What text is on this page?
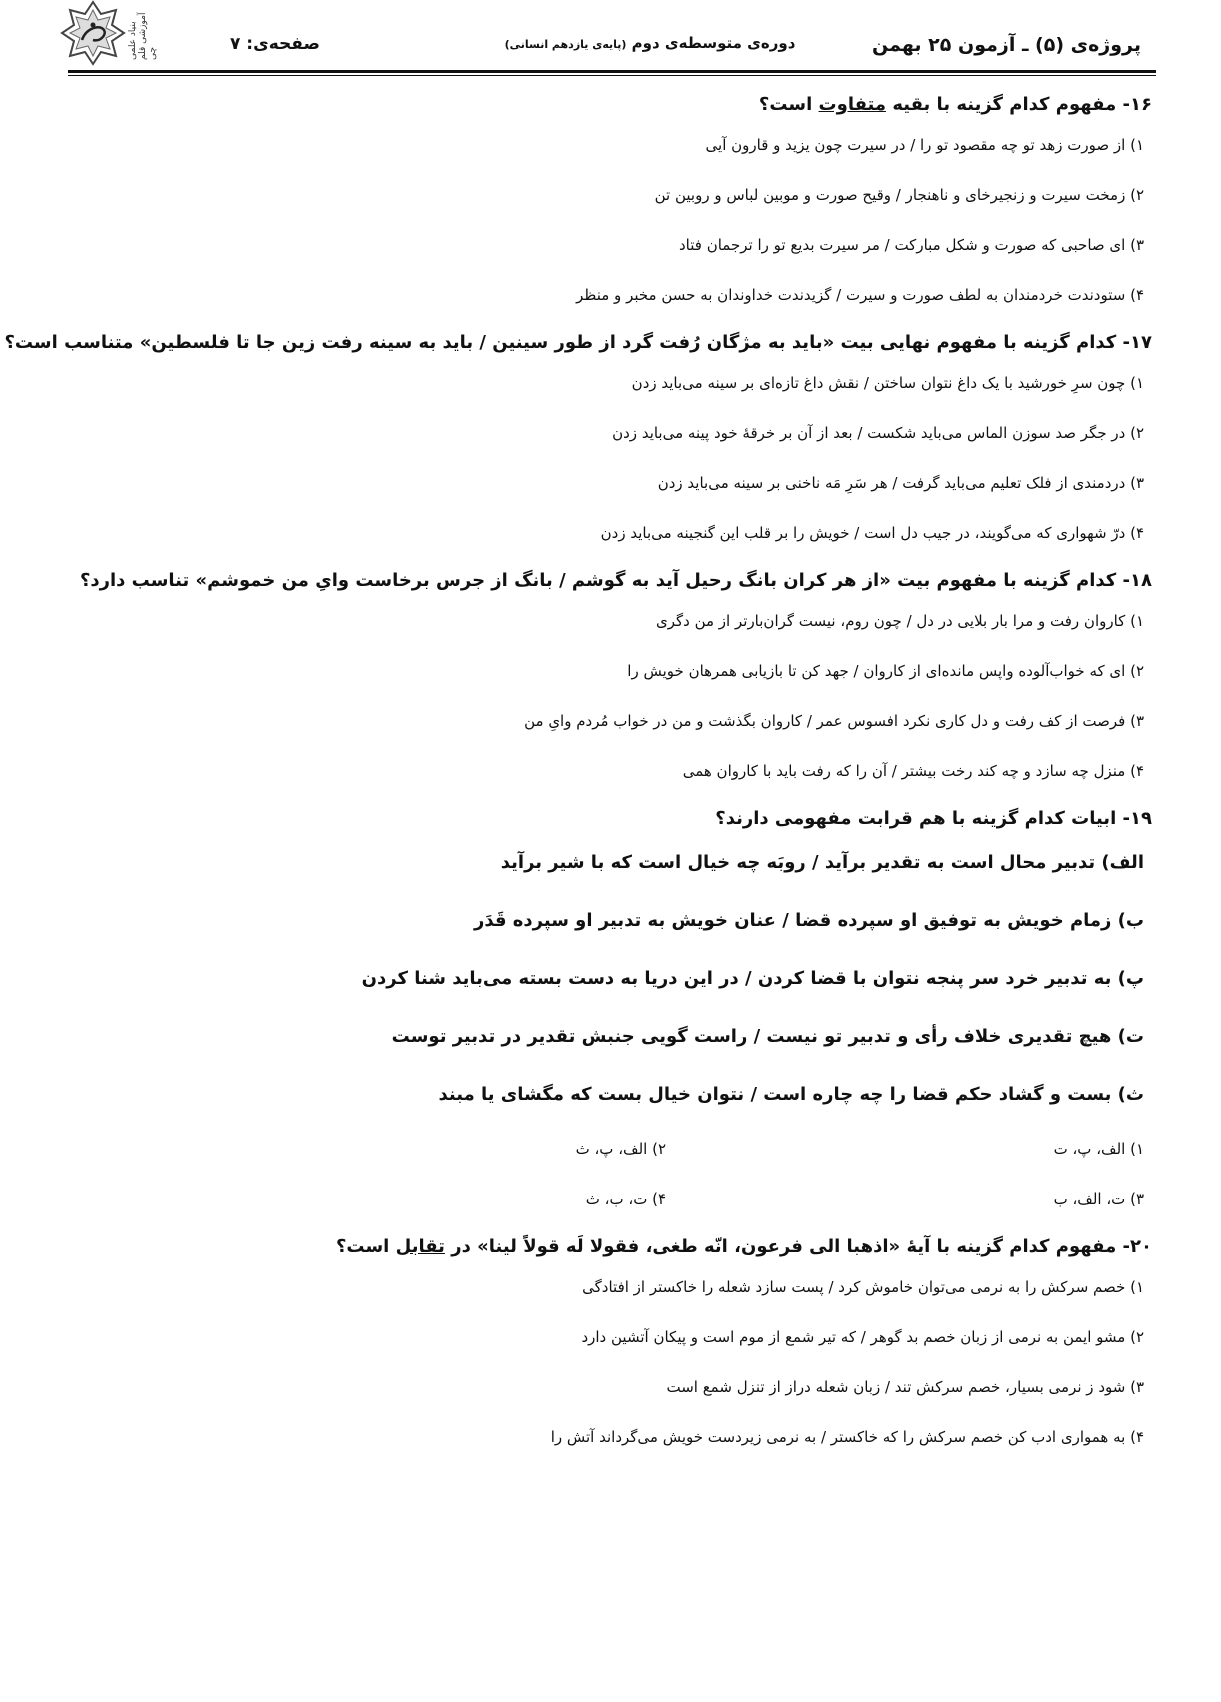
بنیاد علمی آموزشی قلم چی	پروژه‌ی (۵) ـ آزمون ۲۵ بهمن
دوره‌ی متوسطه‌ی دوم (پایه‌ی یازدهم انسانی)
صفحه‌ی: ۷
۱۶- مفهوم کدام گزینه با بقیه متفاوت است؟
۱) از صورت زهد تو چه مقصود تو را / در سیرت چون یزید و قارون آیی
۲) زمخت سیرت و زنجیرخای و ناهنجار / وقیح صورت و موبین لباس و روبین تن
۳) ای صاحبی که صورت و شکل مبارکت / مر سیرت بدیع تو را ترجمان فتاد
۴) ستودندت خردمندان به لطف صورت و سیرت / گزیدندت خداوندان به حسن مخبر و منظر
۱۷- کدام گزینه با مفهوم نهایی بیت «باید به مژگان رُفت گرد از طور سینین / باید به سینه رفت زین جا تا فلسطین» متناسب است؟
۱) چون سرِ خورشید با یک داغ نتوان ساختن / نقش داغ تازه‌ای بر سینه می‌باید زدن
۲) در جگر صد سوزن الماس می‌باید شکست / بعد از آن بر خرقهٔ خود پینه می‌باید زدن
۳) دردمندی از فلک تعلیم می‌باید گرفت / هر سَرِ مَه ناخنی بر سینه می‌باید زدن
۴) درّ شهواری که می‌گویند، در جیب دل است / خویش را بر قلب این گنجینه می‌باید زدن
۱۸- کدام گزینه با مفهوم بیت «از هر کران بانگ رحیل آید به گوشم / بانگ از جرس برخاست وایِ من خموشم» تناسب دارد؟
۱) کاروان رفت و مرا بار بلایی در دل / چون روم، نیست گران‌بارتر از من دگری
۲) ای که خواب‌آلوده واپس مانده‌ای از کاروان / جهد کن تا بازیابی همرهان خویش را
۳) فرصت از کف رفت و دل کاری نکرد افسوس عمر / کاروان بگذشت و من در خواب مُردم وایِ من
۴) منزل چه سازد و چه کند رخت بیشتر / آن را که رفت باید با کاروان همی
۱۹- ابیات کدام گزینه با هم قرابت مفهومی دارند؟
الف) تدبیر محال است به تقدیر برآید / روبَه چه خیال است که با شیر برآید
ب) زمام خویش به توفیق او سپرده قضا / عنان خویش به تدبیر او سپرده قَدَر
پ) به تدبیر خرد سر پنجه نتوان با قضا کردن / در این دریا به دست بسته می‌باید شنا کردن
ت) هیچ تقدیری خلاف رأی و تدبیر تو نیست / راست گویی جنبش تقدیر در تدبیر توست
ث) بست و گشاد حکم قضا را چه چاره است / نتوان خیال بست که مگشای یا مبند
۱) الف، پ، ت
۲) الف، پ، ث
۳) ت، الف، ب
۴) ت، ب، ث
۲۰- مفهوم کدام گزینه با آیهٔ «اذهبا الی فرعون، انّه طغی، فقولا لَه قولاً لینا» در تقابل است؟
۱) خصم سرکش را به نرمی می‌توان خاموش کرد / پست سازد شعله را خاکستر از افتادگی
۲) مشو ایمن به نرمی از زبان خصم بد گوهر / که تیر شمع از موم است و پیکان آتشین دارد
۳) شود ز نرمی بسیار، خصم سرکش تند / زبان شعله دراز از تنزل شمع است
۴) به همواری ادب کن خصم سرکش را که خاکستر / به نرمی زیردست خویش می‌گرداند آتش را
